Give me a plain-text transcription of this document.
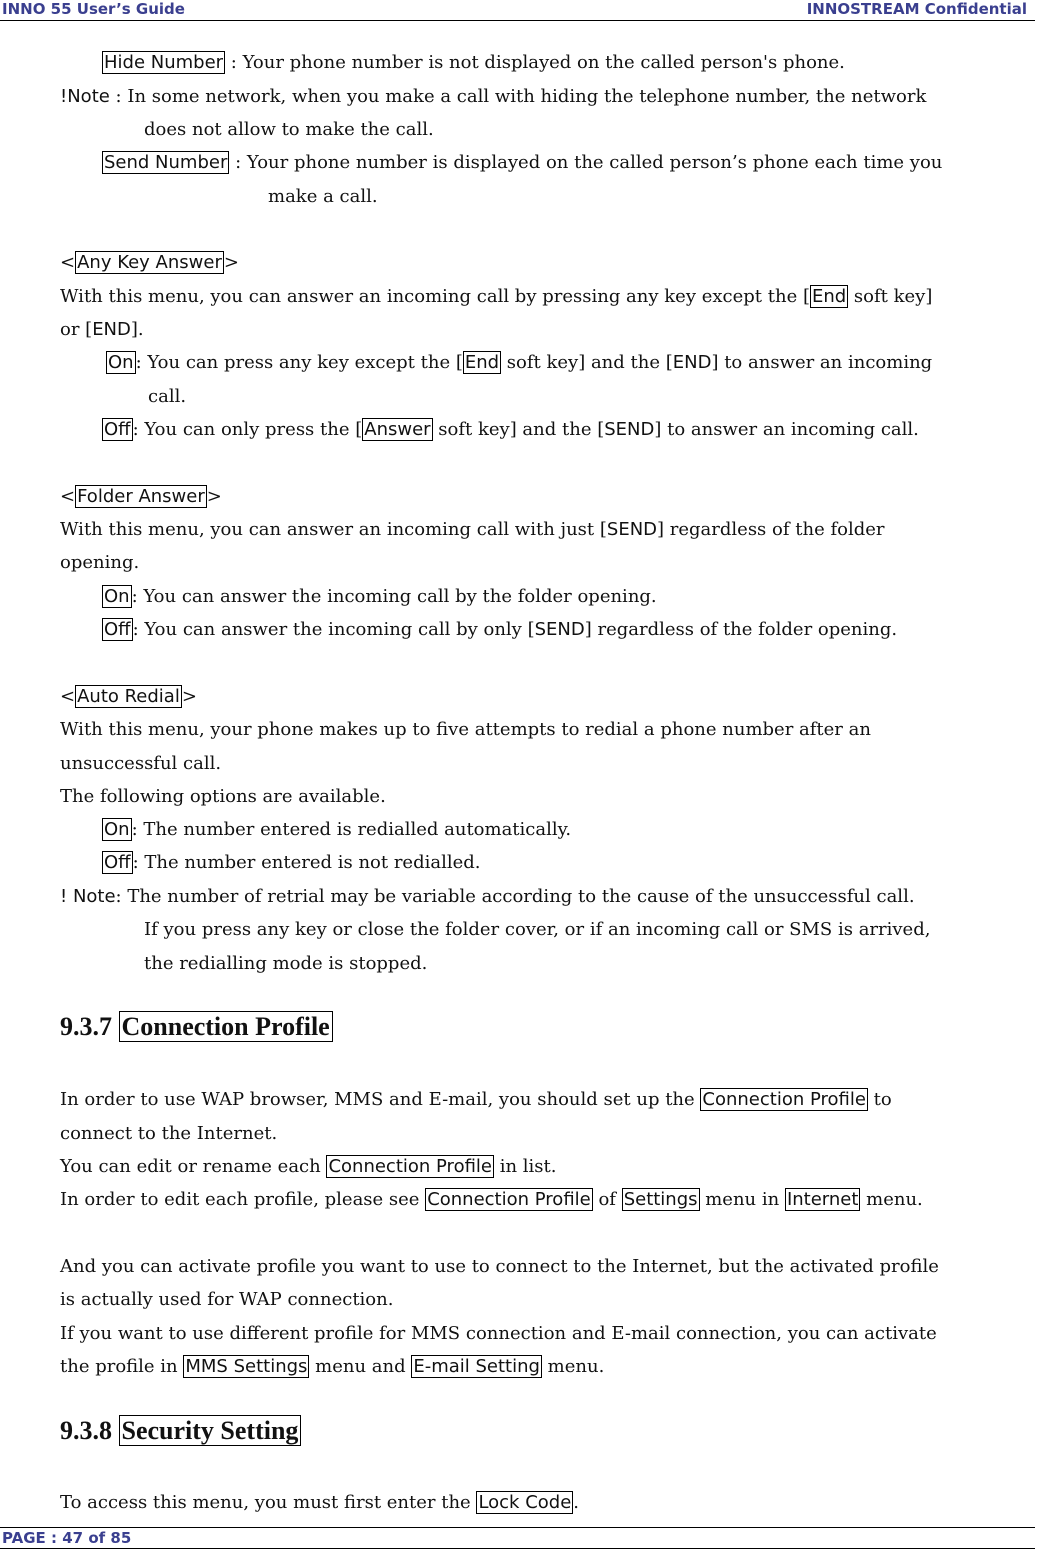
INNO 55 User’s Guide	INNOSTREAM Confidential
Hide Number : Your phone number is not displayed on the called person's phone.
!Note : In some network, when you make a call with hiding the telephone number, the network
does not allow to make the call.
Send Number : Your phone number is displayed on the called person’s phone each time you
make a call.
< Any Key Answer >
With this menu, you can answer an incoming call by pressing any key except the [ End soft key]
or [END].
On : You can press any key except the [ End soft key] and the [END] to answer an incoming
call.
Off : You can only press the [ Answer soft key] and the [SEND] to answer an incoming call.
< Folder Answer >
With this menu, you can answer an incoming call with just [SEND] regardless of the folder
opening.
On : You can answer the incoming call by the folder opening.
Off : You can answer the incoming call by only [SEND] regardless of the folder opening.
< Auto Redial >
With this menu, your phone makes up to five attempts to redial a phone number after an
unsuccessful call.
The following options are available.
On : The number entered is redialled automatically.
Off : The number entered is not redialled.
! Note: The number of retrial may be variable according to the cause of the unsuccessful call.
If you press any key or close the folder cover, or if an incoming call or SMS is arrived,
the redialling mode is stopped.
9.3.7 Connection Profile
In order to use WAP browser, MMS and E-mail, you should set up the Connection Profile to
connect to the Internet.
You can edit or rename each Connection Profile in list.
In order to edit each profile, please see Connection Profile of Settings menu in Internet menu.
And you can activate profile you want to use to connect to the Internet, but the activated profile
is actually used for WAP connection.
If you want to use different profile for MMS connection and E-mail connection, you can activate
the profile in MMS Settings menu and E-mail Setting menu.
9.3.8 Security Setting
To access this menu, you must first enter the Lock Code .
PAGE : 47 of 85
